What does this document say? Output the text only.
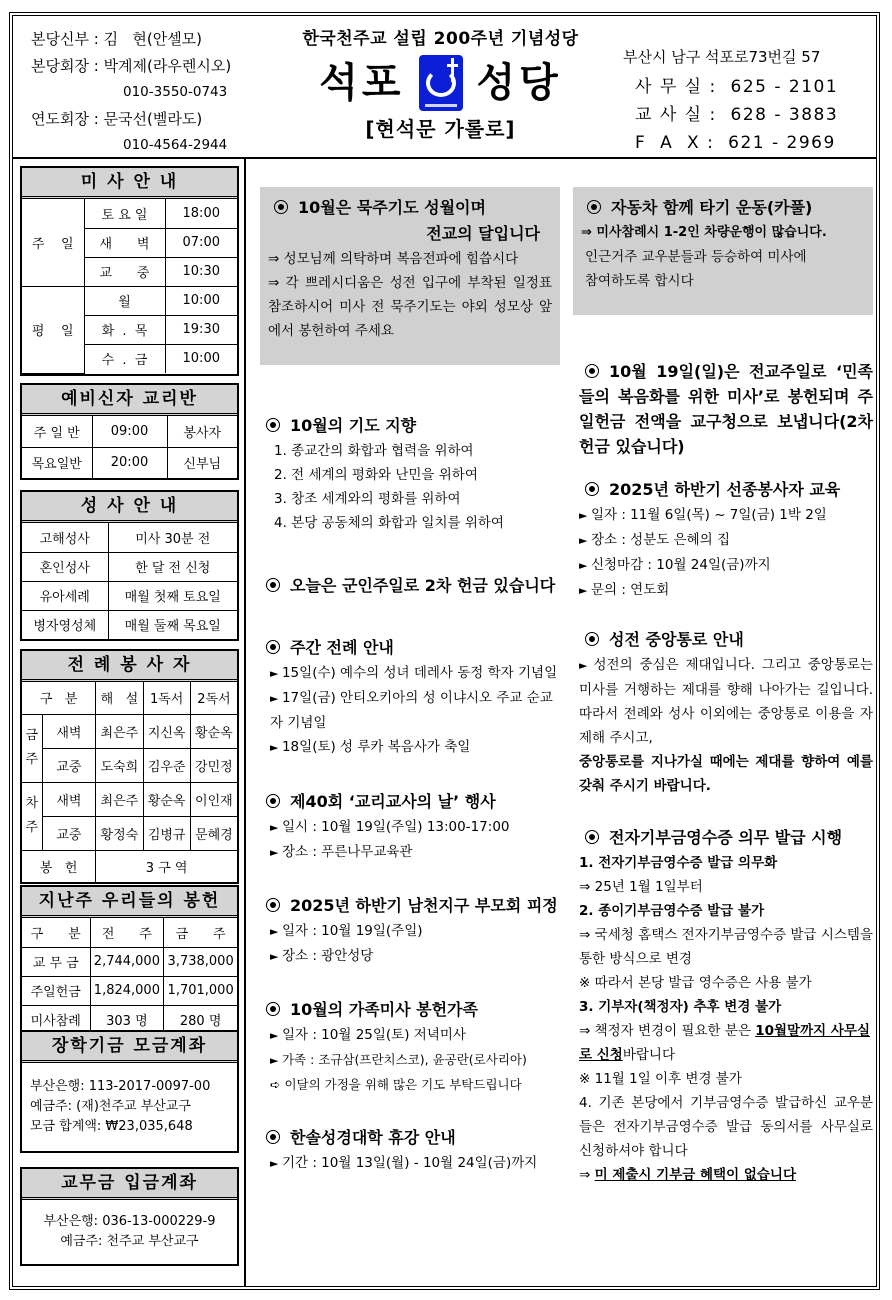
본당신부 : 김   현(안셀모)
본당회장 : 박계제(라우렌시오)
010-3550-0743
연도회장 : 문국선(벨라도)
010-4564-2944
한국천주교 설립 200주년 기념성당
석포 성당
[현석문 가롤로]
부산시 남구 석포로73번길 57
사 무 실 : 625 - 2101
교 사 실 : 628 - 3883
F  A  X : 621 - 2969
미 사 안 내
주    일	토 요 일	18:00
	새      벽	07:00
	교      중	10:30
평    일	월	10:00
	화  .  목	19:30
	수  .  금	10:00
예비신자 교리반
주 일 반	09:00	봉사자
목요일반	20:00	신부님
성 사 안 내
고해성사	미사 30분 전
혼인성사	한 달 전 신청
유아세례	매월 첫째 토요일
병자영성체	매월 둘째 목요일
전 례 봉 사 자
구   분		해   설	1독서	2독서
금주	새벽	최은주	지신옥	황순옥
	교중	도숙희	김우준	강민정
차주	새벽	최은주	황순옥	이인재
	교중	황정숙	김병규	문혜경
봉   헌		3 구 역		
지난주 우리들의 봉헌
구      분	전      주	금      주
교 무 금	2,744,000	3,738,000
주일헌금	1,824,000	1,701,000
미사참례	303 명	280 명
장학기금 모금계좌
부산은행: 113-2017-0097-00
예금주: (재)천주교 부산교구
모금 합계액: ₩23,035,648
교무금 입금계좌
부산은행: 036-13-000229-9
예금주: 천주교 부산교구
10월은 묵주기도 성월이며
전교의 달입니다
⇒ 성모님께 의탁하며 복음전파에 힘씁시다
⇒ 각 쁘레시디움은 성전 입구에 부착된 일정표 참조하시어 미사 전 묵주기도는 야외 성모상 앞에서 봉헌하여 주세요
10월의 기도 지향
1. 종교간의 화합과 협력을 위하여
2. 전 세계의 평화와 난민을 위하여
3. 창조 세계와의 평화를 위하여
4. 본당 공동체의 화합과 일치를 위하여
오늘은 군인주일로 2차 헌금 있습니다
주간 전례 안내
► 15일(수) 예수의 성녀 데레사 동정 학자 기념일
► 17일(금) 안티오키아의 성 이냐시오 주교 순교자 기념일
► 18일(토) 성 루카 복음사가 축일
제40회 ‘교리교사의 날’ 행사
► 일시 : 10월 19일(주일) 13:00-17:00
► 장소 : 푸른나무교육관
2025년 하반기 남천지구 부모회 피정
► 일자 : 10월 19일(주일)
► 장소 : 광안성당
10월의 가족미사 봉헌가족
► 일자 : 10월 25일(토) 저녁미사
► 가족 : 조규삼(프란치스코), 윤공란(로사리아)
➪ 이달의 가정을 위해 많은 기도 부탁드립니다
한솔성경대학 휴강 안내
► 기간 : 10월 13일(월) - 10월 24일(금)까지
자동차 함께 타기 운동(카풀)
⇒ 미사참례시 1-2인 차량운행이 많습니다.
인근거주 교우분들과 등승하여 미사에
참여하도록 합시다
10월 19일(일)은 전교주일로 ‘민족들의 복음화를 위한 미사’로 봉헌되며 주일헌금 전액을 교구청으로 보냅니다(2차헌금 있습니다)
2025년 하반기 선종봉사자 교육
► 일자 : 11월 6일(목) ~ 7일(금) 1박 2일
► 장소 : 성분도 은혜의 집
► 신청마감 : 10월 24일(금)까지
► 문의 : 연도회
성전 중앙통로 안내
► 성전의 중심은 제대입니다. 그리고 중앙통로는 미사를 거행하는 제대를 향해 나아가는 길입니다. 따라서 전례와 성사 이외에는 중앙통로 이용을 자제해 주시고,
중앙통로를 지나가실 때에는 제대를 향하여 예를 갖춰 주시기 바랍니다.
전자기부금영수증 의무 발급 시행
1. 전자기부금영수증 발급 의무화
⇒ 25년 1월 1일부터
2. 종이기부금영수증 발급 불가
⇒ 국세청 홈택스 전자기부금영수증 발급 시스템을 통한 방식으로 변경
※ 따라서 본당 발급 영수증은 사용 불가
3. 기부자(책정자) 추후 변경 불가
⇒ 책정자 변경이 필요한 분은 10월말까지 사무실로 신청바랍니다
※ 11월 1일 이후 변경 불가
4. 기존 본당에서 기부금영수증 발급하신 교우분들은 전자기부금영수증 발급 동의서를 사무실로 신청하셔야 합니다
⇒ 미 제출시 기부금 혜택이 없습니다
